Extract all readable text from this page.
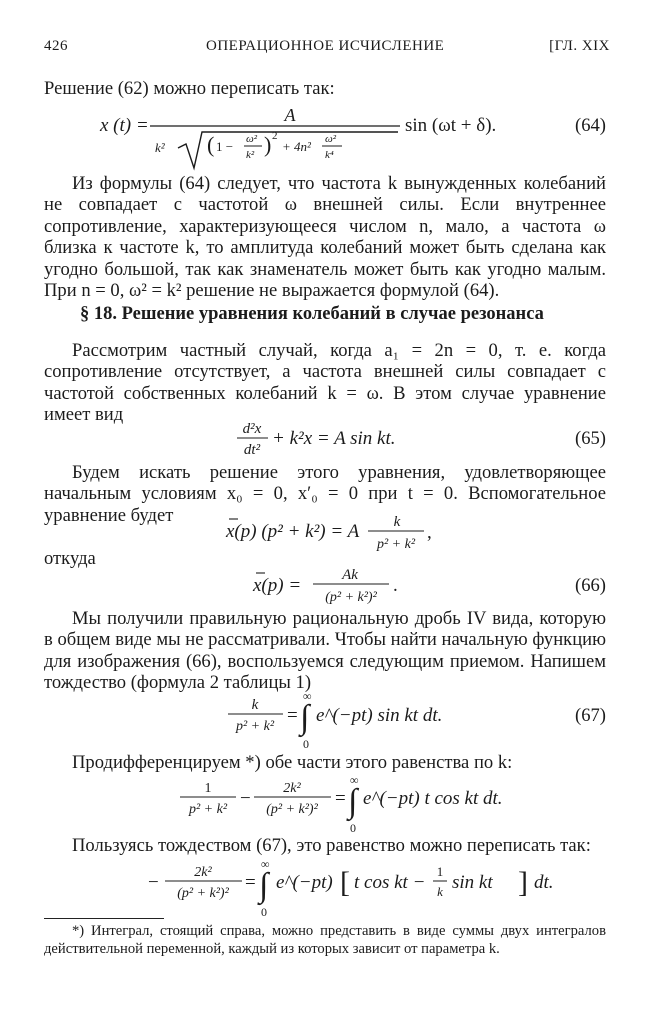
426	ОПЕРАЦИОННОЕ ИСЧИСЛЕНИЕ	[ГЛ. XIX
Решение (62) можно переписать так:
x (t) =	A
k² ( 1 − ω²
k² ) 2
+ 4n² ω²
k⁴
sin (ωt + δ).	(64)
Из формулы (64) следует, что частота k вынужденных колебаний не совпадает с частотой ω внешней силы. Если внутреннее сопротивление, характеризующееся числом n, мало, а частота ω близка к частоте k, то амплитуда колебаний может быть сделана как угодно большой, так как знаменатель может быть как угодно малым. При n = 0, ω² = k² решение не выражается формулой (64).
§ 18. Решение уравнения колебаний в случае резонанса
Рассмотрим частный случай, когда a₁ = 2n = 0, т. е. когда сопротивление отсутствует, а частота внешней силы совпадает с частотой собственных колебаний k = ω. В этом случае уравнение имеет вид
d²x
dt²
+ k²x = A sin kt.	(65)
Будем искать решение этого уравнения, удовлетворяющее начальным условиям x₀ = 0, x′₀ = 0 при t = 0. Вспомогательное уравнение будет
x(p) (p² + k²) = A k
p² + k²
,
откуда
x(p) =	Ak
(p² + k²)²
.	(66)
Мы получили правильную рациональную дробь IV вида, которую в общем виде мы не рассматривали. Чтобы найти начальную функцию для изображения (66), воспользуемся следующим приемом. Напишем тождество (формула 2 таблицы 1)
k
p² + k²
=
∞
∫
0
e^(−pt) sin kt dt.	(67)
Продифференцируем *) обе части этого равенства по k:
1
p² + k²
− 2k²
(p² + k²)²
=
∞
∫
0
e^(−pt) t cos kt dt.
Пользуясь тождеством (67), это равенство можно переписать так:
−	2k²
(p² + k²)²
=
∞
∫
0
e^(−pt) [ t cos kt −
1
k sin kt ] dt.
*) Интеграл, стоящий справа, можно представить в виде суммы двух интегралов действительной переменной, каждый из которых зависит от параметра k.
